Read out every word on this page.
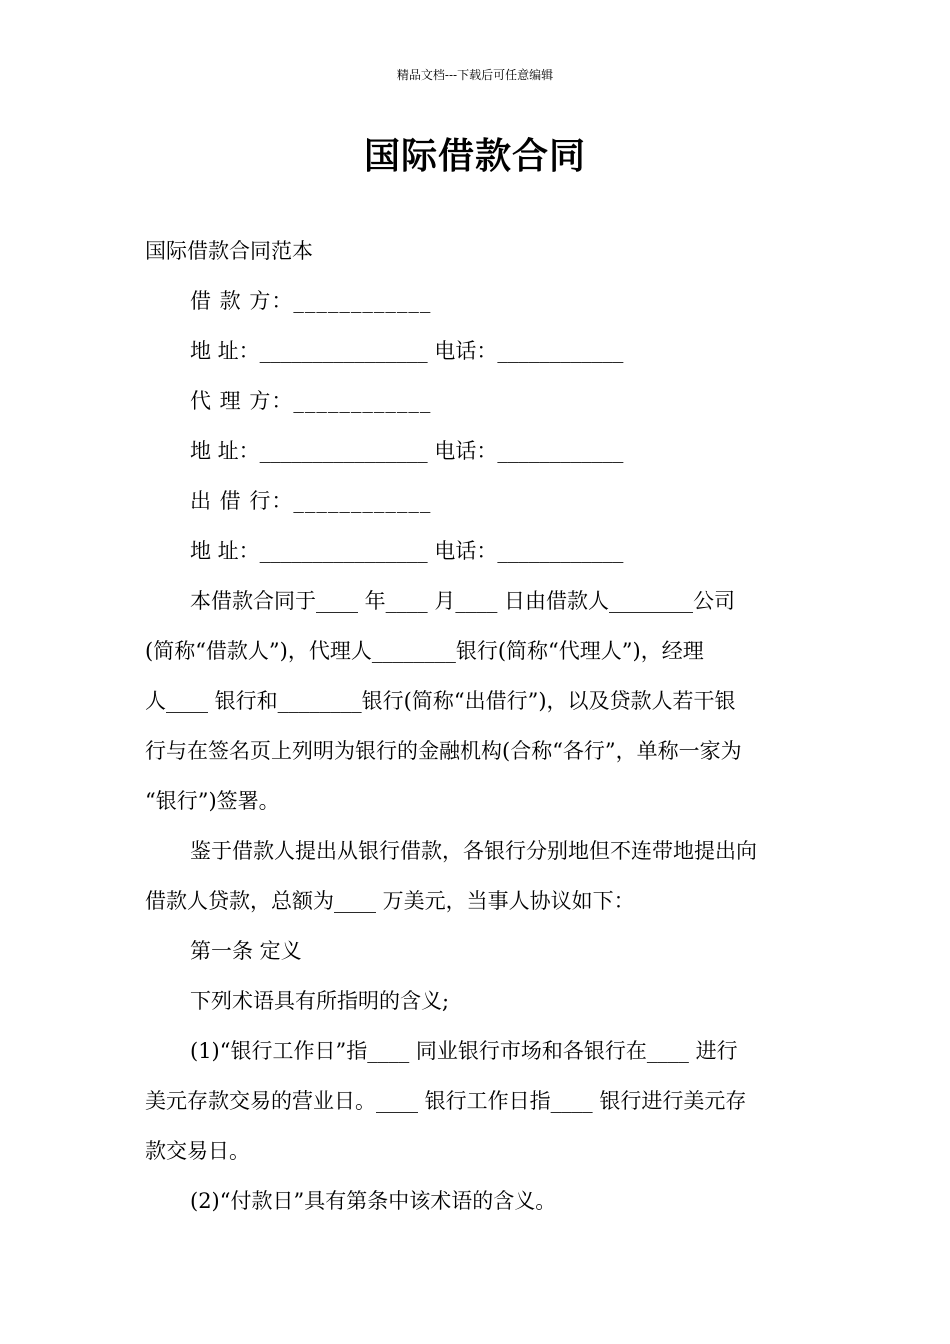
精品文档---下载后可任意编辑
国际借款合同
国际借款合同范本
借 款 方：____________
地 址：________________ 电话：____________
代 理 方：____________
地 址：________________ 电话：____________
出 借 行：____________
地 址：________________ 电话：____________
本借款合同于____ 年____ 月____ 日由借款人________公司
(简称“借款人”)，代理人________银行(简称“代理人”)，经理
人____ 银行和________银行(简称“出借行”)，以及贷款人若干银
行与在签名页上列明为银行的金融机构(合称“各行”，单称一家为
“银行”)签署。
鉴于借款人提出从银行借款，各银行分别地但不连带地提出向
借款人贷款，总额为____ 万美元，当事人协议如下：
第一条 定义
下列术语具有所指明的含义;
(1)“银行工作日”指____ 同业银行市场和各银行在____ 进行
美元存款交易的营业日。____ 银行工作日指____ 银行进行美元存
款交易日。
(2)“付款日”具有第条中该术语的含义。
